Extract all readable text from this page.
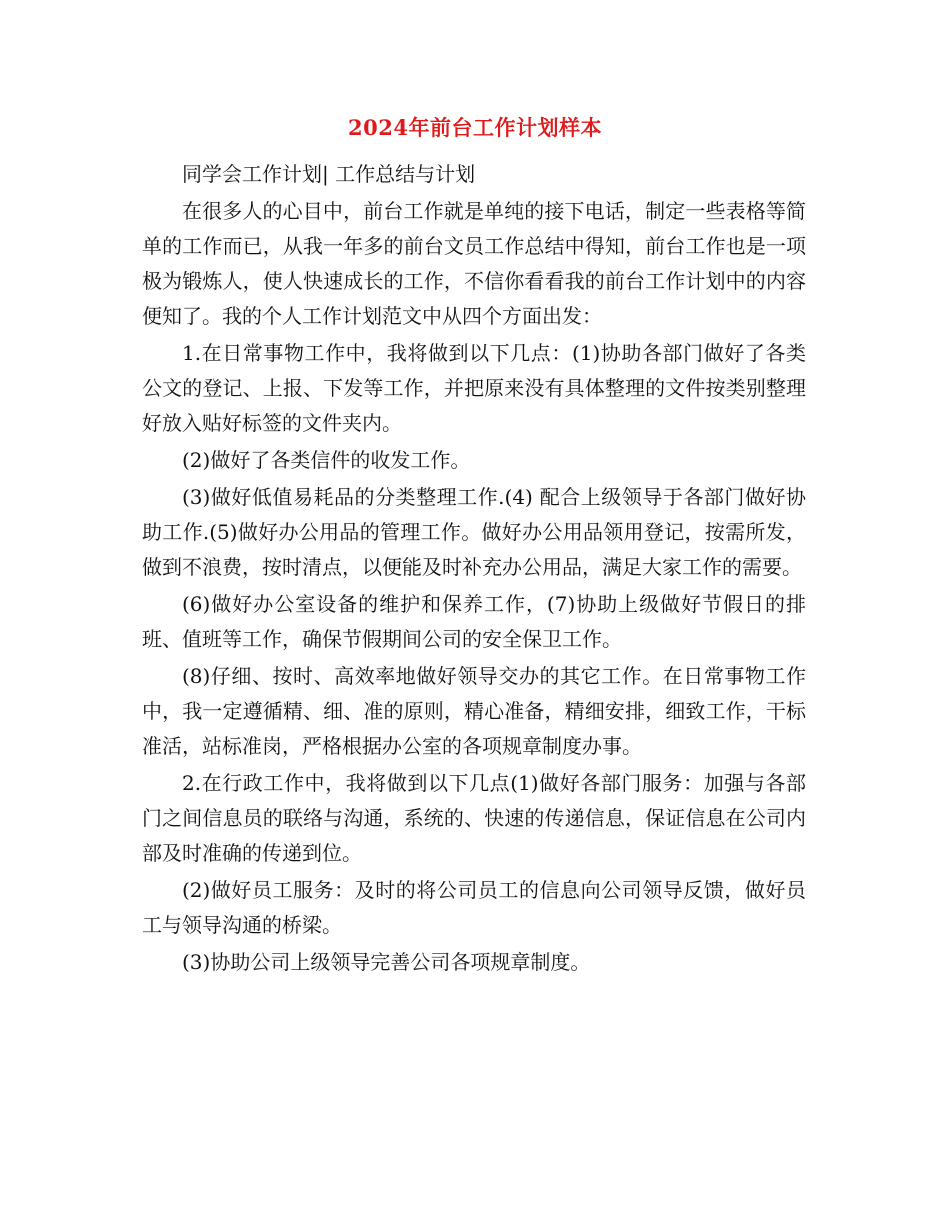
2024年前台工作计划样本

同学会工作计划| 工作总结与计划

在很多人的心目中，前台工作就是单纯的接下电话，制定一些表格等简单的工作而已，从我一年多的前台文员工作总结中得知，前台工作也是一项极为锻炼人，使人快速成长的工作，不信你看看我的前台工作计划中的内容便知了。我的个人工作计划范文中从四个方面出发：

1.在日常事物工作中，我将做到以下几点：(1)协助各部门做好了各类公文的登记、上报、下发等工作，并把原来没有具体整理的文件按类别整理好放入贴好标签的文件夹内。

(2)做好了各类信件的收发工作。

(3)做好低值易耗品的分类整理工作.(4) 配合上级领导于各部门做好协助工作.(5)做好办公用品的管理工作。做好办公用品领用登记，按需所发，做到不浪费，按时清点，以便能及时补充办公用品，满足大家工作的需要。

(6)做好办公室设备的维护和保养工作，(7)协助上级做好节假日的排班、值班等工作，确保节假期间公司的安全保卫工作。

(8)仔细、按时、高效率地做好领导交办的其它工作。在日常事物工作中，我一定遵循精、细、准的原则，精心准备，精细安排，细致工作，干标准活，站标准岗，严格根据办公室的各项规章制度办事。

2.在行政工作中，我将做到以下几点(1)做好各部门服务：加强与各部门之间信息员的联络与沟通，系统的、快速的传递信息，保证信息在公司内部及时准确的传递到位。

(2)做好员工服务：及时的将公司员工的信息向公司领导反馈，做好员工与领导沟通的桥梁。

(3)协助公司上级领导完善公司各项规章制度。
